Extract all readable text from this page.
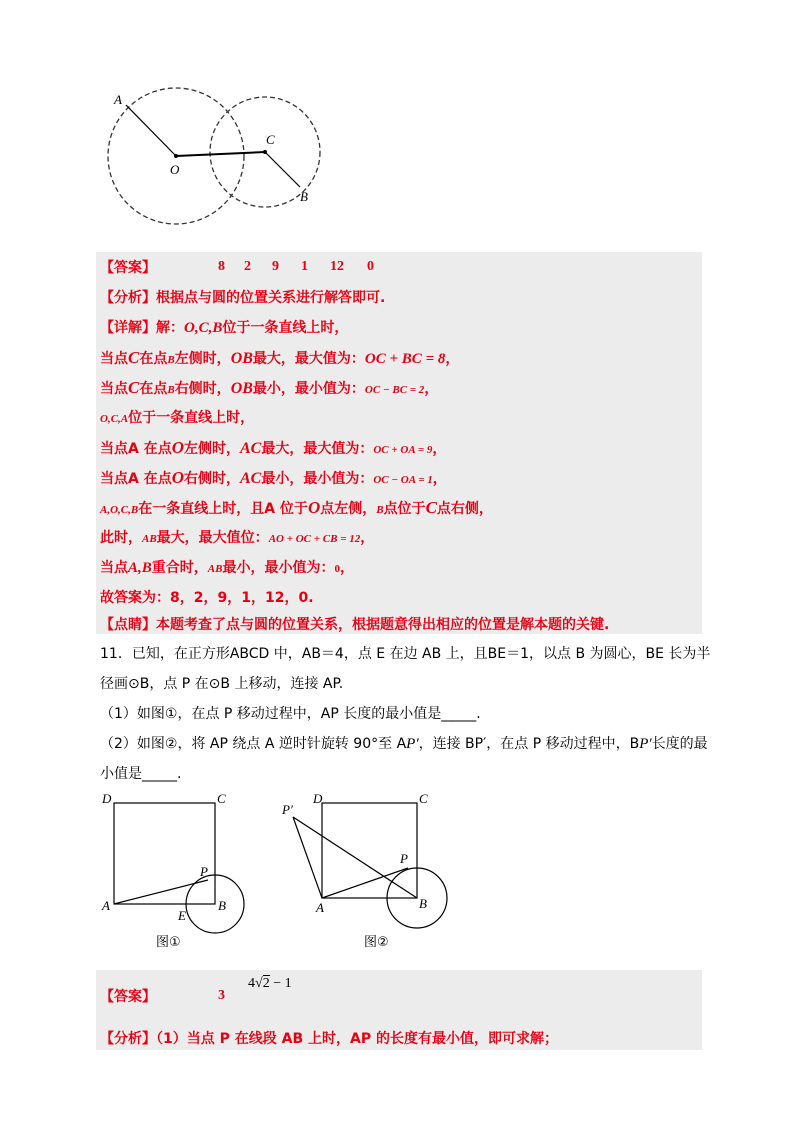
A
O
C
B
【答案】	8 2 9 1 12 0
【分析】根据点与圆的位置关系进行解答即可.
【详解】解：O,C,B位于一条直线上时，
当点C在点B左侧时，OB最大，最大值为：OC + BC = 8，
当点C在点B右侧时，OB最小，最小值为：OC − BC = 2，
O,C,A位于一条直线上时，
当点A 在点O左侧时，AC最大，最大值为：OC + OA = 9，
当点A 在点O右侧时，AC最小，最小值为：OC − OA = 1，
A,O,C,B在一条直线上时，且A 位于O点左侧，B点位于C点右侧，
此时，AB最大，最大值位：AO + OC + CB = 12，
当点A,B重合时，AB最小，最小值为：0，
故答案为：8，2，9，1，12，0.
【点睛】本题考查了点与圆的位置关系，根据题意得出相应的位置是解本题的关键.
11．已知，在正方形ABCD 中，AB＝4，点 E 在边 AB 上，且BE＝1，以点 B 为圆心，BE 长为半
径画⊙B，点 P 在⊙B 上移动，连接 AP.
（1）如图①，在点 P 移动过程中，AP 长度的最小值是_____.
（2）如图②，将 AP 绕点 A 逆时针旋转 90°至 AP′，连接 BP′，在点 P 移动过程中，BP′长度的最
小值是_____.
D	C
P
A
E
B
图①
P′
D	C
P
A	B
图②
【答案】	3
4√2 − 1
【分析】（1）当点 P 在线段 AB 上时，AP 的长度有最小值，即可求解；
